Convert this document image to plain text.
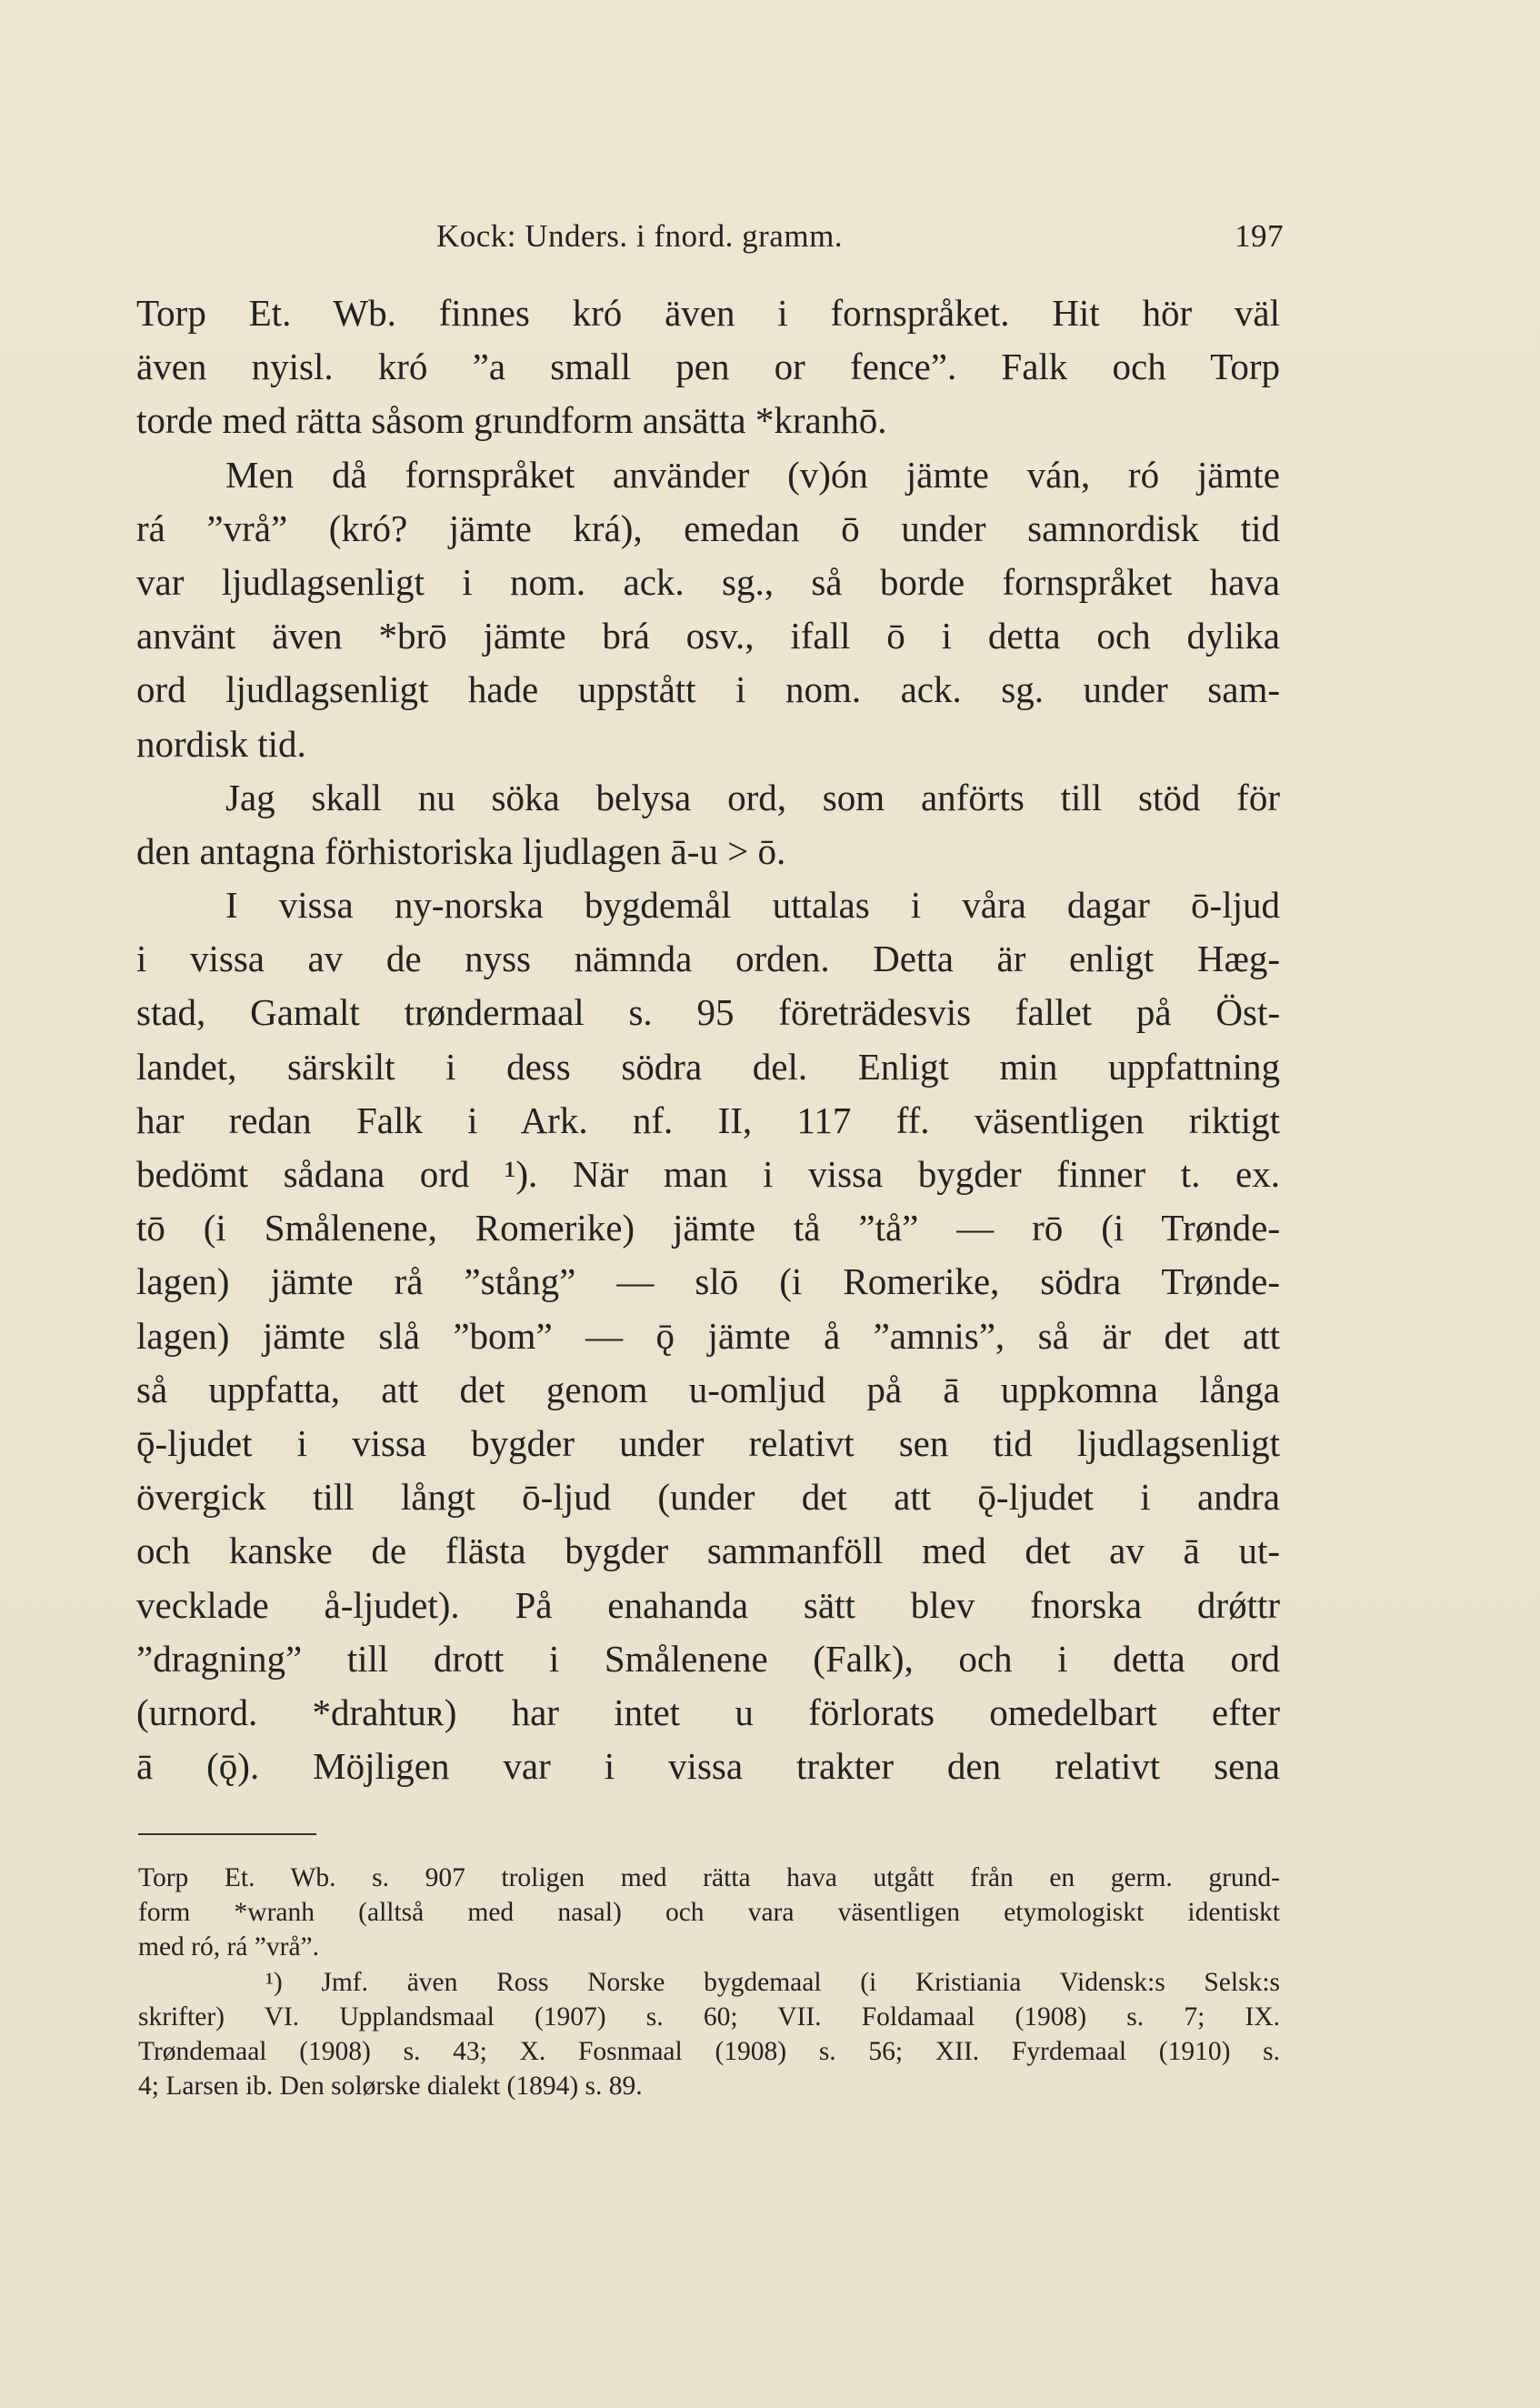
Kock: Unders. i fnord. gramm.	197
Torp Et. Wb. finnes kró även i fornspråket. Hit hör väl
även nyisl. kró ”a small pen or fence”. Falk och Torp
torde med rätta såsom grundform ansätta *kranhō.
Men då fornspråket använder (v)ón jämte ván, ró jämte
rá ”vrå” (kró? jämte krá), emedan ō under samnordisk tid
var ljudlagsenligt i nom. ack. sg., så borde fornspråket hava
använt även *brō jämte brá osv., ifall ō i detta och dylika
ord ljudlagsenligt hade uppstått i nom. ack. sg. under sam-
nordisk tid.
Jag skall nu söka belysa ord, som anförts till stöd för
den antagna förhistoriska ljudlagen ā-u > ō.
I vissa ny-norska bygdemål uttalas i våra dagar ō-ljud
i vissa av de nyss nämnda orden. Detta är enligt Hæg-
stad, Gamalt trøndermaal s. 95 företrädesvis fallet på Öst-
landet, särskilt i dess södra del. Enligt min uppfattning
har redan Falk i Ark. nf. II, 117 ff. väsentligen riktigt
bedömt sådana ord ¹). När man i vissa bygder finner t. ex.
tō (i Smålenene, Romerike) jämte tå ”tå” — rō (i Trønde-
lagen) jämte rå ”stång” — slō (i Romerike, södra Trønde-
lagen) jämte slå ”bom” — ǭ jämte å ”amnis”, så är det att
så uppfatta, att det genom u-omljud på ā uppkomna långa
ǭ-ljudet i vissa bygder under relativt sen tid ljudlagsenligt
övergick till långt ō-ljud (under det att ǭ-ljudet i andra
och kanske de flästa bygder sammanföll med det av ā ut-
vecklade å-ljudet). På enahanda sätt blev fnorska drǿttr
”dragning” till drott i Smålenene (Falk), och i detta ord
(urnord. *drahtuʀ) har intet u förlorats omedelbart efter
ā (ǭ). Möjligen var i vissa trakter den relativt sena
Torp Et. Wb. s. 907 troligen med rätta hava utgått från en germ. grund-
form *wranh (alltså med nasal) och vara väsentligen etymologiskt identiskt
med ró, rá ”vrå”.
¹) Jmf. även Ross Norske bygdemaal (i Kristiania Vidensk:s Selsk:s
skrifter) VI. Upplandsmaal (1907) s. 60; VII. Foldamaal (1908) s. 7; IX.
Trøndemaal (1908) s. 43; X. Fosnmaal (1908) s. 56; XII. Fyrdemaal (1910) s.
4; Larsen ib. Den solørske dialekt (1894) s. 89.
